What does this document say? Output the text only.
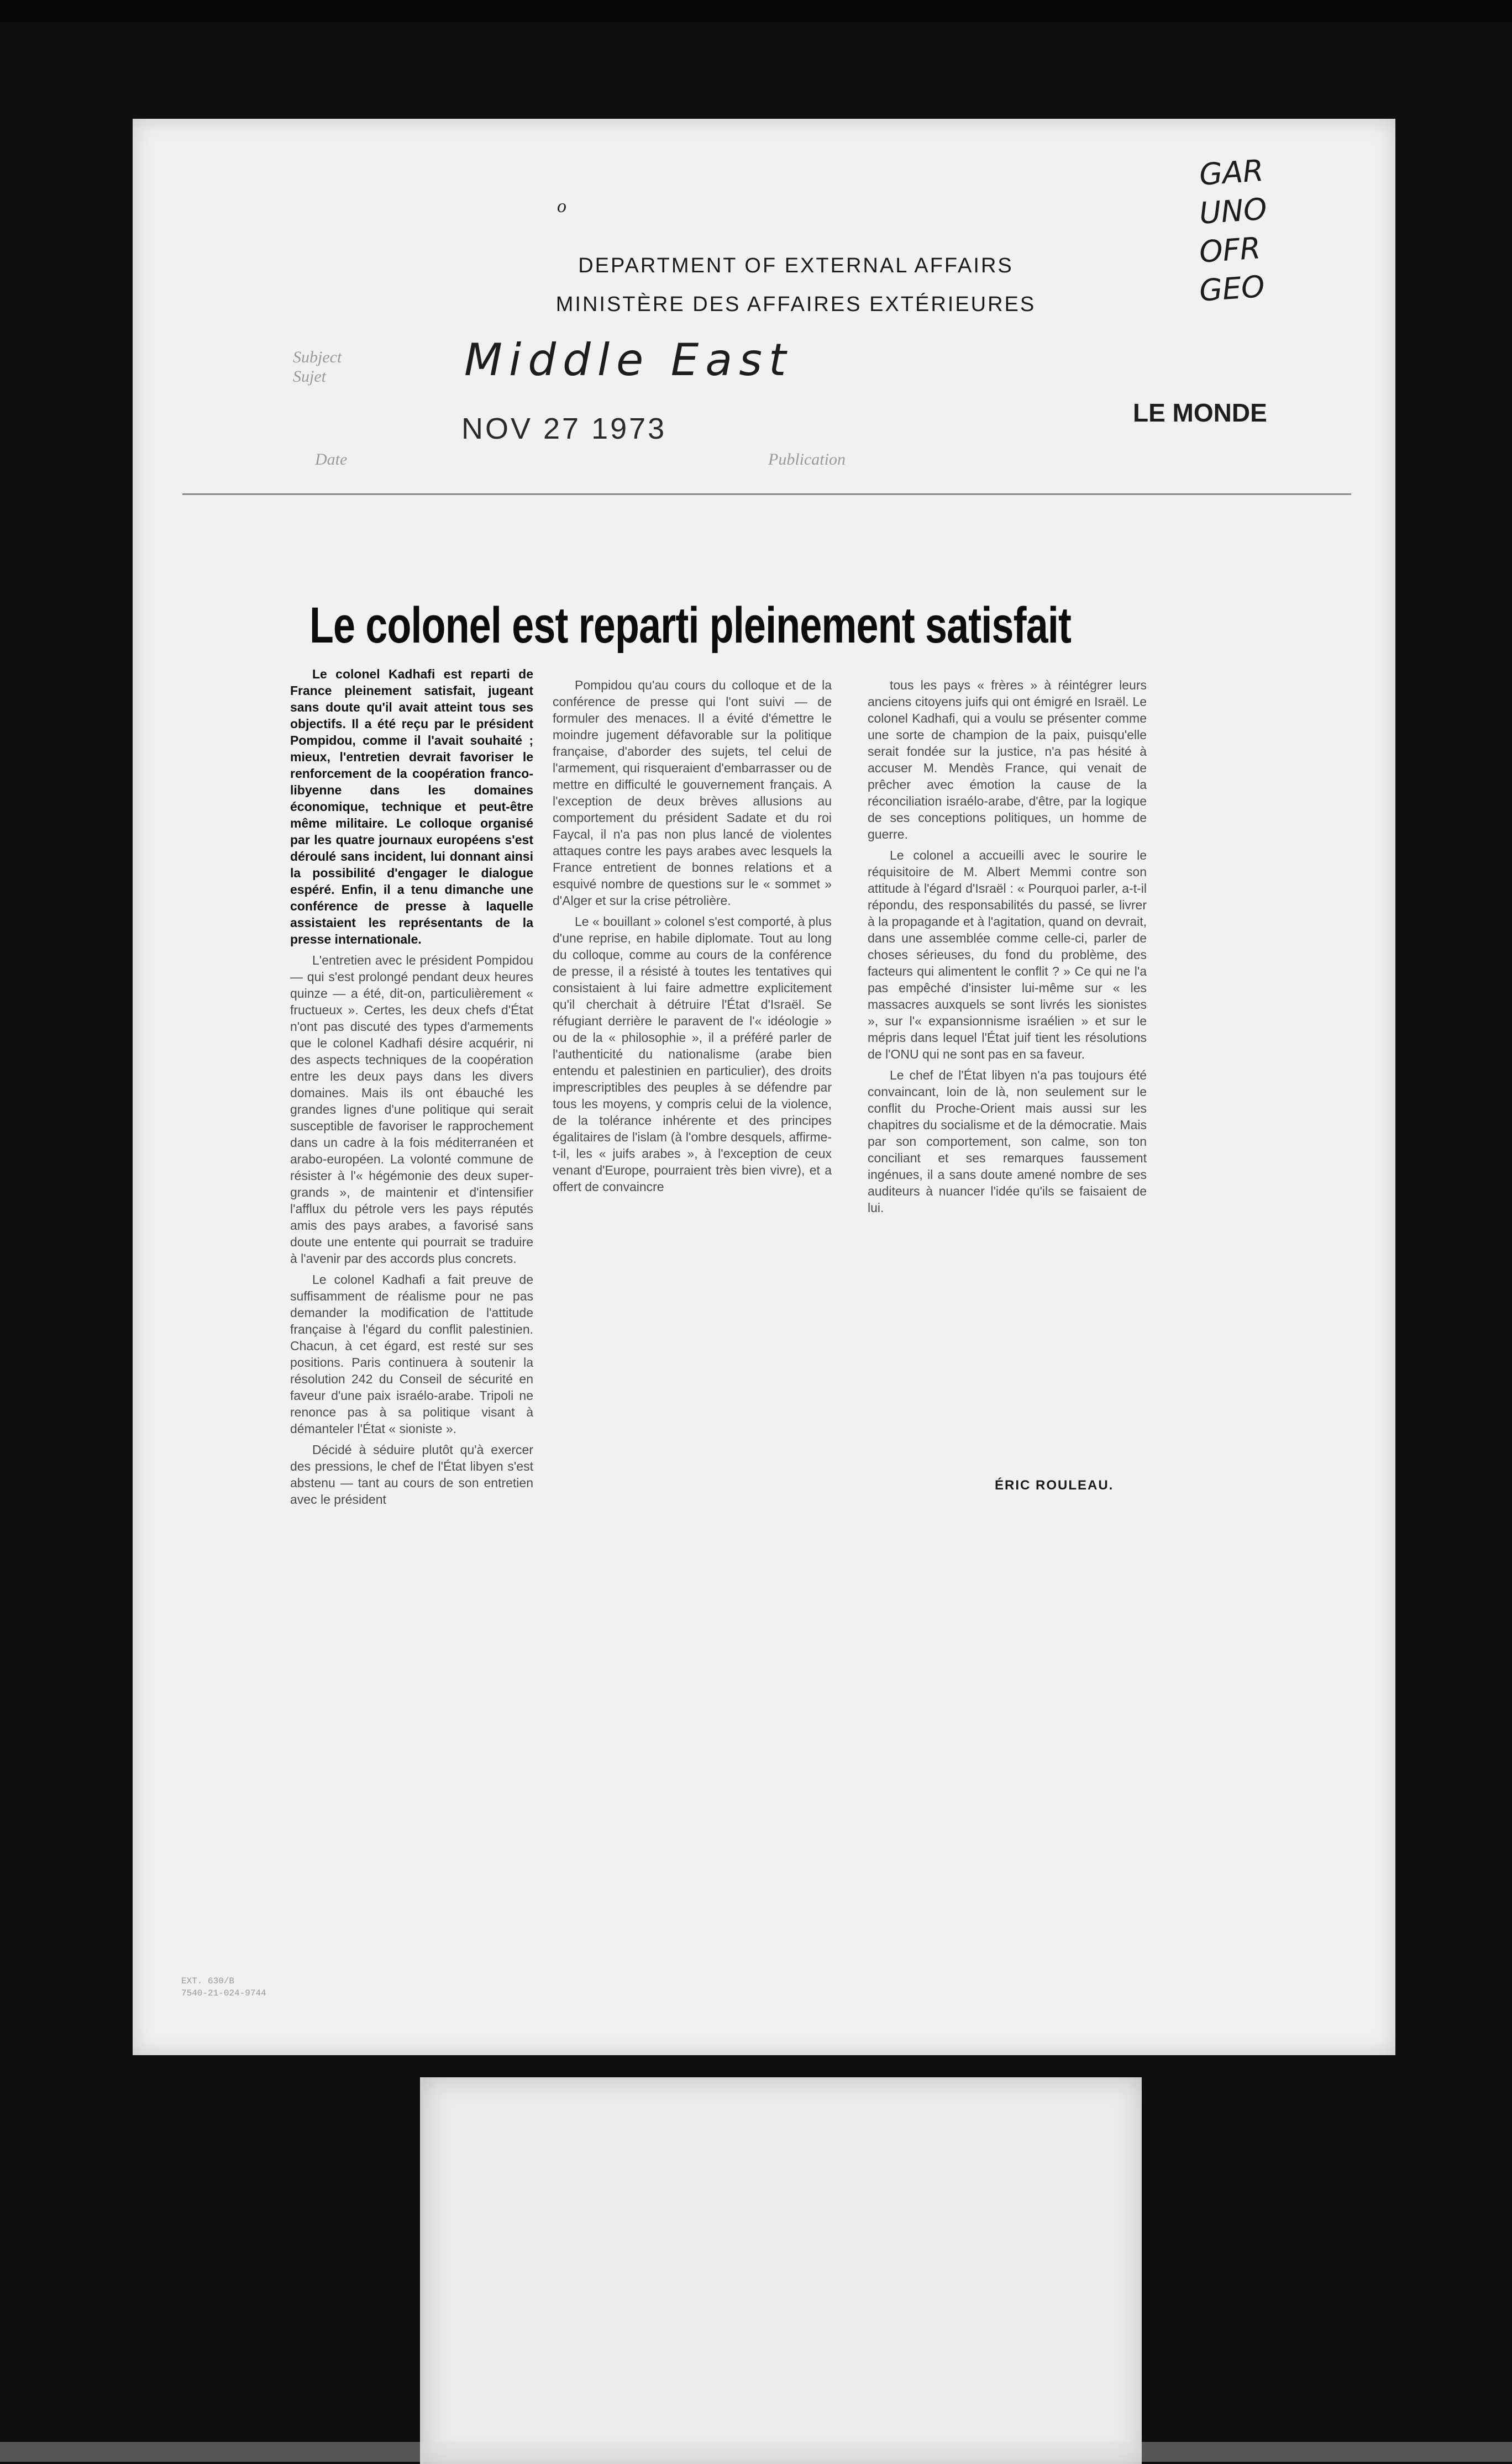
o
DEPARTMENT OF EXTERNAL AFFAIRS
MINISTÈRE DES AFFAIRES EXTÉRIEURES
GAR
UNO
OFR
GEO
Subject
Sujet	Middle East
NOV 27 1973	LE MONDE
Date	Publication
Le colonel est reparti pleinement satisfait

Le colonel Kadhafi est reparti de France pleinement satisfait, jugeant sans doute qu'il avait atteint tous ses objectifs. Il a été reçu par le président Pompidou, comme il l'avait souhaité ; mieux, l'entretien devrait favoriser le renforcement de la coopération franco-libyenne dans les domaines économique, technique et peut-être même militaire. Le colloque organisé par les quatre journaux européens s'est déroulé sans incident, lui donnant ainsi la possibilité d'engager le dialogue espéré. Enfin, il a tenu dimanche une conférence de presse à laquelle assistaient les représentants de la presse internationale.

L'entretien avec le président Pompidou — qui s'est prolongé pendant deux heures quinze — a été, dit-on, particulièrement « fructueux ». Certes, les deux chefs d'État n'ont pas discuté des types d'armements que le colonel Kadhafi désire acquérir, ni des aspects techniques de la coopération entre les deux pays dans les divers domaines. Mais ils ont ébauché les grandes lignes d'une politique qui serait susceptible de favoriser le rapprochement dans un cadre à la fois méditerranéen et arabo-européen. La volonté commune de résister à l'« hégémonie des deux super-grands », de maintenir et d'intensifier l'afflux du pétrole vers les pays réputés amis des pays arabes, a favorisé sans doute une entente qui pourrait se traduire à l'avenir par des accords plus concrets.

Le colonel Kadhafi a fait preuve de suffisamment de réalisme pour ne pas demander la modification de l'attitude française à l'égard du conflit palestinien. Chacun, à cet égard, est resté sur ses positions. Paris continuera à soutenir la résolution 242 du Conseil de sécurité en faveur d'une paix israélo-arabe. Tripoli ne renonce pas à sa politique visant à démanteler l'État « sioniste ».

Décidé à séduire plutôt qu'à exercer des pressions, le chef de l'État libyen s'est abstenu — tant au cours de son entretien avec le président

Pompidou qu'au cours du colloque et de la conférence de presse qui l'ont suivi — de formuler des menaces. Il a évité d'émettre le moindre jugement défavorable sur la politique française, d'aborder des sujets, tel celui de l'armement, qui risqueraient d'embarrasser ou de mettre en difficulté le gouvernement français. A l'exception de deux brèves allusions au comportement du président Sadate et du roi Faycal, il n'a pas non plus lancé de violentes attaques contre les pays arabes avec lesquels la France entretient de bonnes relations et a esquivé nombre de questions sur le « sommet » d'Alger et sur la crise pétrolière.

Le « bouillant » colonel s'est comporté, à plus d'une reprise, en habile diplomate. Tout au long du colloque, comme au cours de la conférence de presse, il a résisté à toutes les tentatives qui consistaient à lui faire admettre explicitement qu'il cherchait à détruire l'État d'Israël. Se réfugiant derrière le paravent de l'« idéologie » ou de la « philosophie », il a préféré parler de l'authenticité du nationalisme (arabe bien entendu et palestinien en particulier), des droits imprescriptibles des peuples à se défendre par tous les moyens, y compris celui de la violence, de la tolérance inhérente et des principes égalitaires de l'islam (à l'ombre desquels, affirme-t-il, les « juifs arabes », à l'exception de ceux venant d'Europe, pourraient très bien vivre), et a offert de convaincre

tous les pays « frères » à réintégrer leurs anciens citoyens juifs qui ont émigré en Israël. Le colonel Kadhafi, qui a voulu se présenter comme une sorte de champion de la paix, puisqu'elle serait fondée sur la justice, n'a pas hésité à accuser M. Mendès France, qui venait de prêcher avec émotion la cause de la réconciliation israélo-arabe, d'être, par la logique de ses conceptions politiques, un homme de guerre.

Le colonel a accueilli avec le sourire le réquisitoire de M. Albert Memmi contre son attitude à l'égard d'Israël : « Pourquoi parler, a-t-il répondu, des responsabilités du passé, se livrer à la propagande et à l'agitation, quand on devrait, dans une assemblée comme celle-ci, parler de choses sérieuses, du fond du problème, des facteurs qui alimentent le conflit ? » Ce qui ne l'a pas empêché d'insister lui-même sur « les massacres auxquels se sont livrés les sionistes », sur l'« expansionnisme israélien » et sur le mépris dans lequel l'État juif tient les résolutions de l'ONU qui ne sont pas en sa faveur.

Le chef de l'État libyen n'a pas toujours été convaincant, loin de là, non seulement sur le conflit du Proche-Orient mais aussi sur les chapitres du socialisme et de la démocratie. Mais par son comportement, son calme, son ton conciliant et ses remarques faussement ingénues, il a sans doute amené nombre de ses auditeurs à nuancer l'idée qu'ils se faisaient de lui.

ÉRIC ROULEAU.
EXT. 630/B
7540-21-024-9744
